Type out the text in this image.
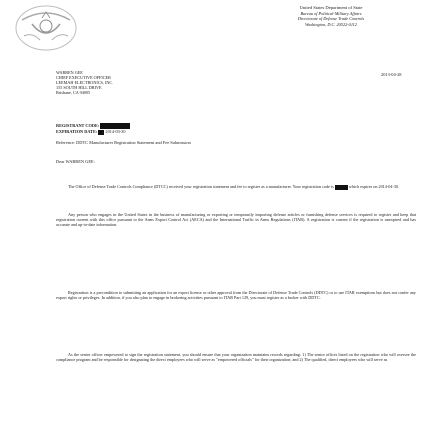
United States Department of State
Bureau of Political-Military Affairs
Directorate of Defense Trade Controls
Washington, D.C. 20522-0112
2013-04-28
WARREN GEE
CHIEF EXECUTIVE OFFICER
LEEMAH ELECTRONICS, INC.
155 SOUTH HILL DRIVE
Brisbane, CA 94005
REGISTRANT CODE:
EXPIRATION DATE: 2014-03-30
Reference: DDTC Manufacturer Registration Statement and Fee Submission
Dear WARREN GEE:
The Office of Defense Trade Controls Compliance (DTCC) received your registration statement and fee to register as a manufacturer. Your registration code is	which expires on 2014-04-30.
Any person who engages in the United States in the business of manufacturing or exporting or temporarily importing defense articles or furnishing defense services is required to register and keep that registration current with this office pursuant to the Arms Export Control Act (AECA) and the International Traffic in Arms Regulations (ITAR). A registration is current if the registration is unexpired and has accurate and up-to-date information.
Registration is a precondition to submitting an application for an export license or other approval from the Directorate of Defense Trade Controls (DDTC) or to use ITAR exemptions but does not confer any export rights or privileges. In addition, if you also plan to engage in brokering activities pursuant to ITAR Part 129, you must register as a broker with DDTC.
As the senior officer empowered to sign the registration statement, you should ensure that your organization maintains records regarding: 1) The senior officer listed on the registration who will oversee the compliance program and be responsible for designating the direct employees who will serve as "empowered officials" for their organization; and 2) The qualified, direct employees who will serve as
